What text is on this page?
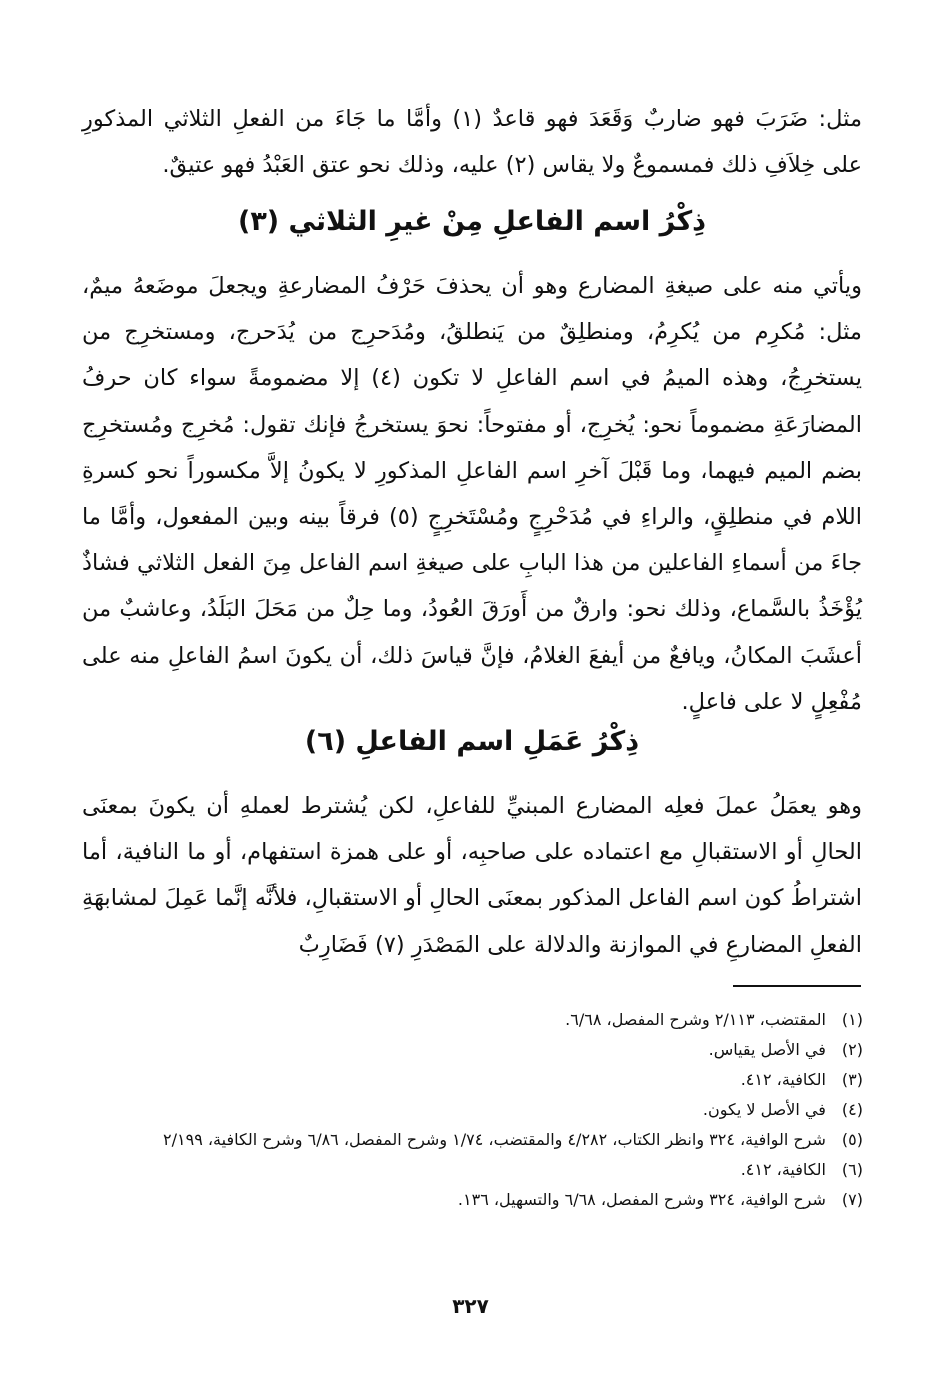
مثل: ضَرَبَ فهو ضاربٌ وَقَعَدَ فهو قاعدٌ (١) وأمَّا ما جَاءَ من الفعلِ الثلاثي المذكورِ على خِلاَفِ ذلك فمسموعٌ ولا يقاس (٢) عليه، وذلك نحو عتق العَبْدُ فهو عتيقٌ.

ذِكْرُ اسم الفاعلِ مِنْ غيرِ الثلاثي (٣)

ويأتي منه على صيغةِ المضارع وهو أن يحذفَ حَرْفُ المضارعةِ ويجعلَ موضَعهُ ميمٌ، مثل: مُكرِم من يُكرِمُ، ومنطلِقٌ من يَنطلقُ، ومُدَحرِج من يُدَحرج، ومستخرِج من يستخرِجُ، وهذه الميمُ في اسم الفاعلِ لا تكون (٤) إلا مضمومةً سواء كان حرفُ المضارَعَةِ مضموماً نحو: يُخرِج، أو مفتوحاً: نحوَ يستخرجُ فإنك تقول: مُخرِج ومُستخرِج بضم الميم فيهما، وما قَبْلَ آخرِ اسم الفاعلِ المذكورِ لا يكونُ إلاَّ مكسوراً نحو كسرةِ اللام في منطلِقٍ، والراءِ في مُدَحْرِجٍ ومُسْتَخرِجٍ (٥) فرقاً بينه وبين المفعول، وأمَّا ما جاءَ من أسماءِ الفاعلين من هذا البابِ على صيغةِ اسم الفاعل مِنَ الفعل الثلاثي فشاذٌ يُؤْخَذُ بالسَّماع، وذلك نحو: وارقٌ من أَورَقَ العُودُ، وما حِلٌ من مَحَلَ البَلَدُ، وعاشبٌ من أعشَبَ المكانُ، ويافعٌ من أيفعَ الغلامُ، فإنَّ قياسَ ذلك، أن يكونَ اسمُ الفاعلِ منه على مُفْعِلٍ لا على فاعلٍ.

ذِكْرُ عَمَلِ اسم الفاعلِ (٦)

وهو يعمَلُ عملَ فعلِه المضارع المبنيِّ للفاعلِ، لكن يُشترط لعملهِ أن يكونَ بمعنَى الحالِ أو الاستقبالِ مع اعتماده على صاحبِه، أو على همزة استفهام، أو ما النافية، أما اشتراطُ كون اسم الفاعل المذكور بمعنَى الحالِ أو الاستقبالِ، فلأنَّه إنَّما عَمِلَ لمشابهَةِ الفعلِ المضارعِ في الموازنة والدلالة على المَصْدَرِ (٧) فَضَارِبٌ

(١) المقتضب، ٢/١١٣ وشرح المفصل، ٦/٦٨.
(٢) في الأصل يقياس.
(٣) الكافية، ٤١٢.
(٤) في الأصل لا يكون.
(٥) شرح الوافية، ٣٢٤ وانظر الكتاب، ٤/٢٨٢ والمقتضب، ١/٧٤ وشرح المفصل، ٦/٨٦ وشرح الكافية، ٢/١٩٩
(٦) الكافية، ٤١٢.
(٧) شرح الوافية، ٣٢٤ وشرح المفصل، ٦/٦٨ والتسهيل، ١٣٦.
٣٢٧
